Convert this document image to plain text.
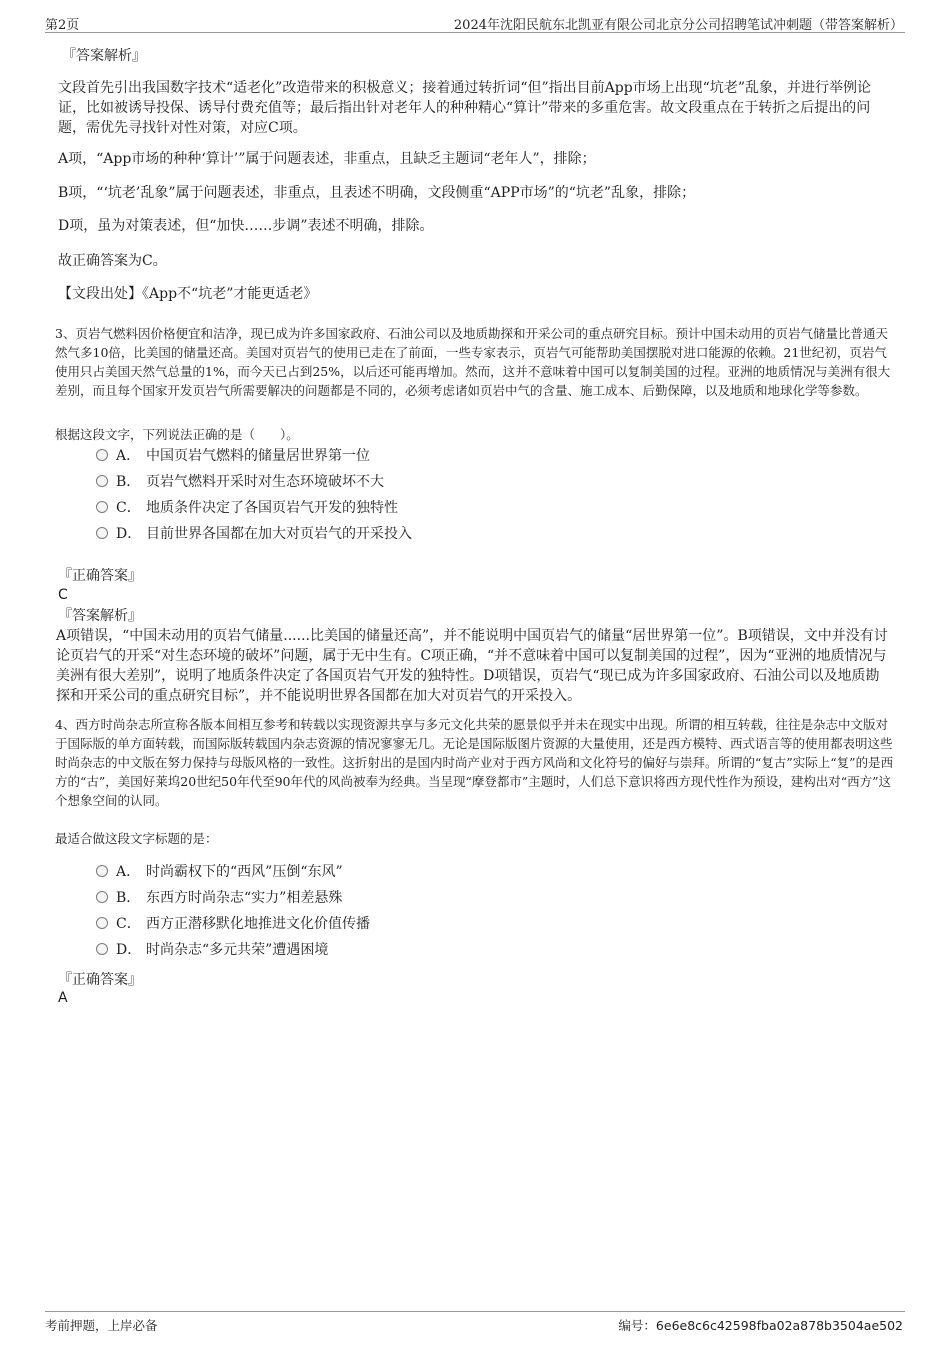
第2页	2024年沈阳民航东北凯亚有限公司北京分公司招聘笔试冲刺题（带答案解析）
『答案解析』
文段首先引出我国数字技术“适老化”改造带来的积极意义；接着通过转折词“但”指出目前App市场上出现“坑老”乱象，并进行举例论证，比如被诱导投保、诱导付费充值等；最后指出针对老年人的种种精心“算计”带来的多重危害。故文段重点在于转折之后提出的问题，需优先寻找针对性对策，对应C项。
A项，“App市场的种种‘算计’”属于问题表述，非重点，且缺乏主题词“老年人”，排除；
B项，“‘坑老’乱象”属于问题表述，非重点，且表述不明确，文段侧重“APP市场”的“坑老”乱象，排除；
D项，虽为对策表述，但“加快……步调”表述不明确，排除。
故正确答案为C。
【文段出处】《App不“坑老”才能更适老》
3、页岩气燃料因价格便宜和洁净，现已成为许多国家政府、石油公司以及地质勘探和开采公司的重点研究目标。预计中国未动用的页岩气储量比普通天然气多10倍，比美国的储量还高。美国对页岩气的使用已走在了前面，一些专家表示，页岩气可能帮助美国摆脱对进口能源的依赖。21世纪初，页岩气使用只占美国天然气总量的1%，而今天已占到25%，以后还可能再增加。然而，这并不意味着中国可以复制美国的过程。亚洲的地质情况与美洲有很大差别，而且每个国家开发页岩气所需要解决的问题都是不同的，必须考虑诸如页岩中气的含量、施工成本、后勤保障，以及地质和地球化学等参数。
根据这段文字，下列说法正确的是（　　）。
A． 中国页岩气燃料的储量居世界第一位
B． 页岩气燃料开采时对生态环境破坏不大
C． 地质条件决定了各国页岩气开发的独特性
D． 目前世界各国都在加大对页岩气的开采投入
『正确答案』
C
『答案解析』
A项错误，“中国未动用的页岩气储量......比美国的储量还高”，并不能说明中国页岩气的储量“居世界第一位”。B项错误，文中并没有讨论页岩气的开采“对生态环境的破坏”问题，属于无中生有。C项正确，“并不意味着中国可以复制美国的过程”，因为“亚洲的地质情况与美洲有很大差别”，说明了地质条件决定了各国页岩气开发的独特性。D项错误，页岩气“现已成为许多国家政府、石油公司以及地质勘探和开采公司的重点研究目标”，并不能说明世界各国都在加大对页岩气的开采投入。
4、西方时尚杂志所宣称各版本间相互参考和转载以实现资源共享与多元文化共荣的愿景似乎并未在现实中出现。所谓的相互转载，往往是杂志中文版对于国际版的单方面转载，而国际版转载国内杂志资源的情况寥寥无几。无论是国际版图片资源的大量使用，还是西方模特、西式语言等的使用都表明这些时尚杂志的中文版在努力保持与母版风格的一致性。这折射出的是国内时尚产业对于西方风尚和文化符号的偏好与崇拜。所谓的“复古”实际上“复”的是西方的“古”，美国好莱坞20世纪50年代至90年代的风尚被奉为经典。当呈现“摩登都市”主题时，人们总下意识将西方现代性作为预设，建构出对“西方”这个想象空间的认同。
最适合做这段文字标题的是：
A． 时尚霸权下的“西风”压倒“东风”
B． 东西方时尚杂志“实力”相差悬殊
C． 西方正潜移默化地推进文化价值传播
D． 时尚杂志“多元共荣”遭遇困境
『正确答案』
A
考前押题，上岸必备	编号：6e6e8c6c42598fba02a878b3504ae502
